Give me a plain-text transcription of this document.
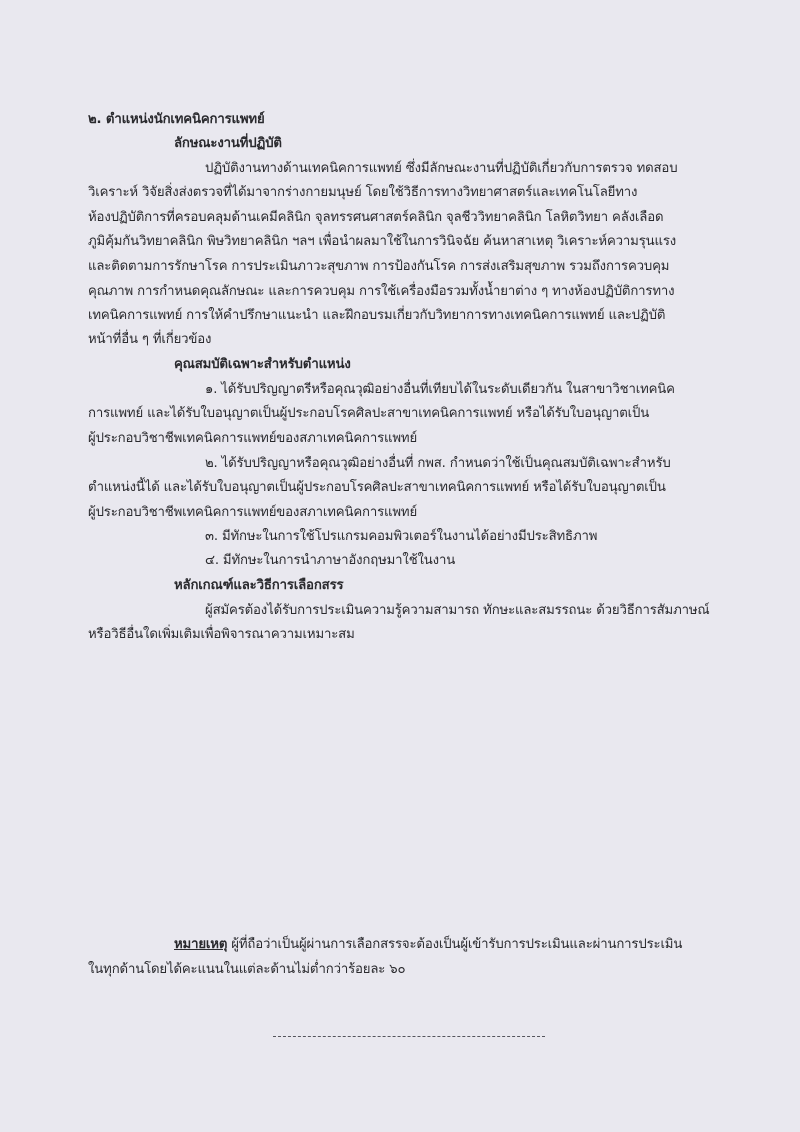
๒. ตำแหน่งนักเทคนิคการแพทย์
ลักษณะงานที่ปฏิบัติ
ปฏิบัติงานทางด้านเทคนิคการแพทย์ ซึ่งมีลักษณะงานที่ปฏิบัติเกี่ยวกับการตรวจ ทดสอบ
วิเคราะห์ วิจัยสิ่งส่งตรวจที่ได้มาจากร่างกายมนุษย์ โดยใช้วิธีการทางวิทยาศาสตร์และเทคโนโลยีทาง
ห้องปฏิบัติการที่ครอบคลุมด้านเคมีคลินิก จุลทรรศนศาสตร์คลินิก จุลชีววิทยาคลินิก โลหิตวิทยา คลังเลือด
ภูมิคุ้มกันวิทยาคลินิก พิษวิทยาคลินิก ฯลฯ เพื่อนำผลมาใช้ในการวินิจฉัย ค้นหาสาเหตุ วิเคราะห์ความรุนแรง
และติดตามการรักษาโรค การประเมินภาวะสุขภาพ การป้องกันโรค การส่งเสริมสุขภาพ รวมถึงการควบคุม
คุณภาพ การกำหนดคุณลักษณะ และการควบคุม การใช้เครื่องมือรวมทั้งน้ำยาต่าง ๆ ทางห้องปฏิบัติการทาง
เทคนิคการแพทย์ การให้คำปรึกษาแนะนำ และฝึกอบรมเกี่ยวกับวิทยาการทางเทคนิคการแพทย์ และปฏิบัติ
หน้าที่อื่น ๆ ที่เกี่ยวข้อง
คุณสมบัติเฉพาะสำหรับตำแหน่ง
๑. ได้รับปริญญาตรีหรือคุณวุฒิอย่างอื่นที่เทียบได้ในระดับเดียวกัน ในสาขาวิชาเทคนิค
การแพทย์ และได้รับใบอนุญาตเป็นผู้ประกอบโรคศิลปะสาขาเทคนิคการแพทย์ หรือได้รับใบอนุญาตเป็น
ผู้ประกอบวิชาชีพเทคนิคการแพทย์ของสภาเทคนิคการแพทย์
๒. ได้รับปริญญาหรือคุณวุฒิอย่างอื่นที่ กพส. กำหนดว่าใช้เป็นคุณสมบัติเฉพาะสำหรับ
ตำแหน่งนี้ได้ และได้รับใบอนุญาตเป็นผู้ประกอบโรคศิลปะสาขาเทคนิคการแพทย์ หรือได้รับใบอนุญาตเป็น
ผู้ประกอบวิชาชีพเทคนิคการแพทย์ของสภาเทคนิคการแพทย์
๓. มีทักษะในการใช้โปรแกรมคอมพิวเตอร์ในงานได้อย่างมีประสิทธิภาพ
๔. มีทักษะในการนำภาษาอังกฤษมาใช้ในงาน
หลักเกณฑ์และวิธีการเลือกสรร
ผู้สมัครต้องได้รับการประเมินความรู้ความสามารถ ทักษะและสมรรถนะ ด้วยวิธีการสัมภาษณ์
หรือวิธีอื่นใดเพิ่มเติมเพื่อพิจารณาความเหมาะสม
หมายเหตุ ผู้ที่ถือว่าเป็นผู้ผ่านการเลือกสรรจะต้องเป็นผู้เข้ารับการประเมินและผ่านการประเมิน
ในทุกด้านโดยได้คะแนนในแต่ละด้านไม่ต่ำกว่าร้อยละ ๖๐
